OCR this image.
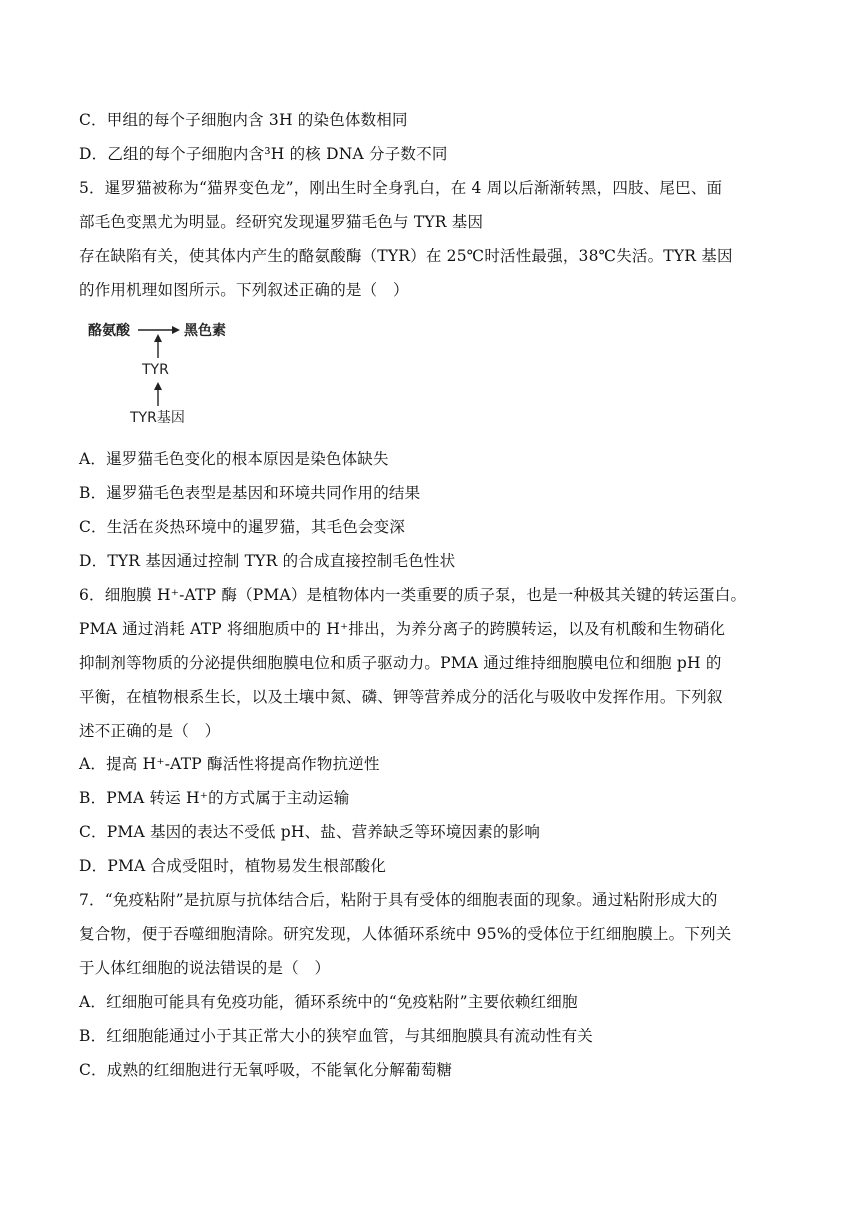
C．甲组的每个子细胞内含 3H 的染色体数相同
D．乙组的每个子细胞内含³H 的核 DNA 分子数不同
5．暹罗猫被称为“猫界变色龙”，刚出生时全身乳白，在 4 周以后渐渐转黑，四肢、尾巴、面
部毛色变黑尤为明显。经研究发现暹罗猫毛色与 TYR 基因
存在缺陷有关，使其体内产生的酪氨酸酶（TYR）在 25℃时活性最强，38℃失活。TYR 基因
的作用机理如图所示。下列叙述正确的是（　）
酪氨酸	黑色素
TYR
TYR基因
A．暹罗猫毛色变化的根本原因是染色体缺失
B．暹罗猫毛色表型是基因和环境共同作用的结果
C．生活在炎热环境中的暹罗猫，其毛色会变深
D．TYR 基因通过控制 TYR 的合成直接控制毛色性状
6．细胞膜 H⁺-ATP 酶（PMA）是植物体内一类重要的质子泵，也是一种极其关键的转运蛋白。
PMA 通过消耗 ATP 将细胞质中的 H⁺排出，为养分离子的跨膜转运，以及有机酸和生物硝化
抑制剂等物质的分泌提供细胞膜电位和质子驱动力。PMA 通过维持细胞膜电位和细胞 pH 的
平衡，在植物根系生长，以及土壤中氮、磷、钾等营养成分的活化与吸收中发挥作用。下列叙
述不正确的是（　）
A．提高 H⁺-ATP 酶活性将提高作物抗逆性
B．PMA 转运 H⁺的方式属于主动运输
C．PMA 基因的表达不受低 pH、盐、营养缺乏等环境因素的影响
D．PMA 合成受阻时，植物易发生根部酸化
7．“免疫粘附”是抗原与抗体结合后，粘附于具有受体的细胞表面的现象。通过粘附形成大的
复合物，便于吞噬细胞清除。研究发现，人体循环系统中 95%的受体位于红细胞膜上。下列关
于人体红细胞的说法错误的是（　）
A．红细胞可能具有免疫功能，循环系统中的“免疫粘附”主要依赖红细胞
B．红细胞能通过小于其正常大小的狭窄血管，与其细胞膜具有流动性有关
C．成熟的红细胞进行无氧呼吸，不能氧化分解葡萄糖
